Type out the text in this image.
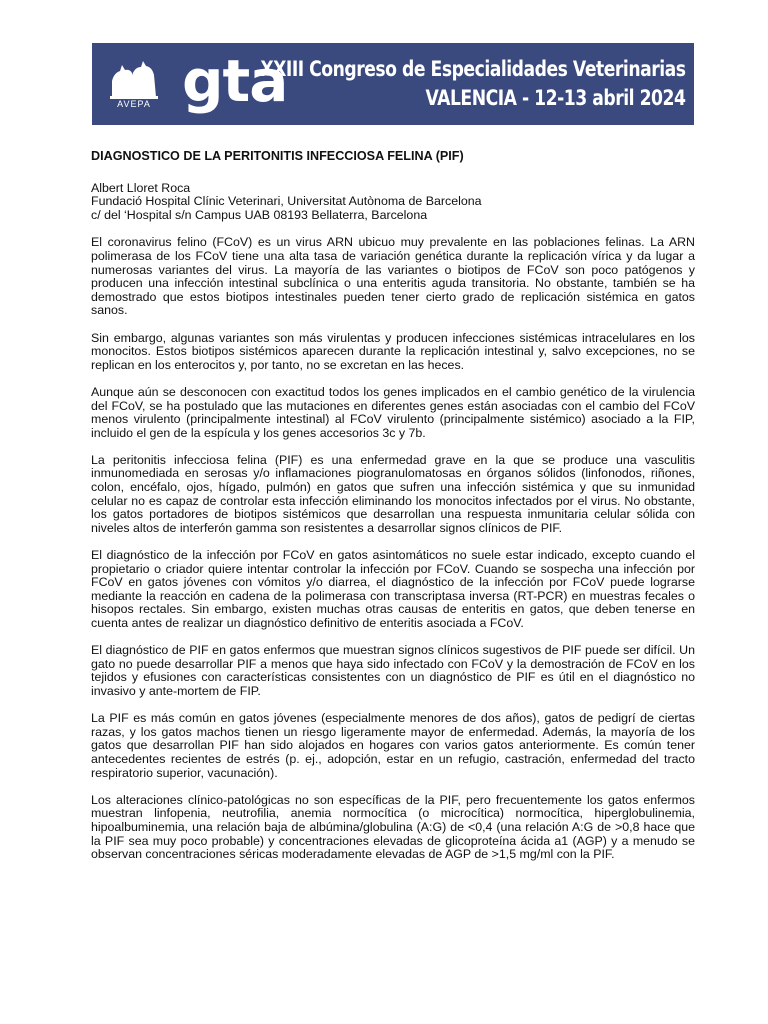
AVEPA gta
XXIII Congreso de Especialidades Veterinarias
VALENCIA - 12-13 abril 2024
DIAGNOSTICO DE LA PERITONITIS INFECCIOSA FELINA (PIF)
Albert Lloret Roca
Fundació Hospital Clínic Veterinari, Universitat Autònoma de Barcelona
c/ del ‘Hospital s/n Campus UAB 08193 Bellaterra, Barcelona

El coronavirus felino (FCoV) es un virus ARN ubicuo muy prevalente en las poblaciones felinas. La ARN polimerasa de los FCoV tiene una alta tasa de variación genética durante la replicación vírica y da lugar a numerosas variantes del virus. La mayoría de las variantes o biotipos de FCoV son poco patógenos y producen una infección intestinal subclínica o una enteritis aguda transitoria. No obstante, también se ha demostrado que estos biotipos intestinales pueden tener cierto grado de replicación sistémica en gatos sanos.

Sin embargo, algunas variantes son más virulentas y producen infecciones sistémicas intracelulares en los monocitos. Estos biotipos sistémicos aparecen durante la replicación intestinal y, salvo excepciones, no se replican en los enterocitos y, por tanto, no se excretan en las heces.

Aunque aún se desconocen con exactitud todos los genes implicados en el cambio genético de la virulencia del FCoV, se ha postulado que las mutaciones en diferentes genes están asociadas con el cambio del FCoV menos virulento (principalmente intestinal) al FCoV virulento (principalmente sistémico) asociado a la FIP, incluido el gen de la espícula y los genes accesorios 3c y 7b.

La peritonitis infecciosa felina (PIF) es una enfermedad grave en la que se produce una vasculitis inmunomediada en serosas y/o inflamaciones piogranulomatosas en órganos sólidos (linfonodos, riñones, colon, encéfalo, ojos, hígado, pulmón) en gatos que sufren una infección sistémica y que su inmunidad celular no es capaz de controlar esta infección eliminando los monocitos infectados por el virus. No obstante, los gatos portadores de biotipos sistémicos que desarrollan una respuesta inmunitaria celular sólida con niveles altos de interferón gamma son resistentes a desarrollar signos clínicos de PIF.

El diagnóstico de la infección por FCoV en gatos asintomáticos no suele estar indicado, excepto cuando el propietario o criador quiere intentar controlar la infección por FCoV. Cuando se sospecha una infección por FCoV en gatos jóvenes con vómitos y/o diarrea, el diagnóstico de la infección por FCoV puede lograrse mediante la reacción en cadena de la polimerasa con transcriptasa inversa (RT-PCR) en muestras fecales o hisopos rectales. Sin embargo, existen muchas otras causas de enteritis en gatos, que deben tenerse en cuenta antes de realizar un diagnóstico definitivo de enteritis asociada a FCoV.

El diagnóstico de PIF en gatos enfermos que muestran signos clínicos sugestivos de PIF puede ser difícil. Un gato no puede desarrollar PIF a menos que haya sido infectado con FCoV y la demostración de FCoV en los tejidos y efusiones con características consistentes con un diagnóstico de PIF es útil en el diagnóstico no invasivo y ante-mortem de FIP.

La PIF es más común en gatos jóvenes (especialmente menores de dos años), gatos de pedigrí de ciertas razas, y los gatos machos tienen un riesgo ligeramente mayor de enfermedad. Además, la mayoría de los gatos que desarrollan PIF han sido alojados en hogares con varios gatos anteriormente. Es común tener antecedentes recientes de estrés (p. ej., adopción, estar en un refugio, castración, enfermedad del tracto respiratorio superior, vacunación).

Los alteraciones clínico-patológicas no son específicas de la PIF, pero frecuentemente los gatos enfermos muestran linfopenia, neutrofilia, anemia normocítica (o microcítica) normocítica, hiperglobulinemia, hipoalbuminemia, una relación baja de albúmina/globulina (A:G) de <0,4 (una relación A:G de >0,8 hace que la PIF sea muy poco probable) y concentraciones elevadas de glicoproteína ácida a1 (AGP) y a menudo se observan concentraciones séricas moderadamente elevadas de AGP de >1,5 mg/ml con la PIF.
